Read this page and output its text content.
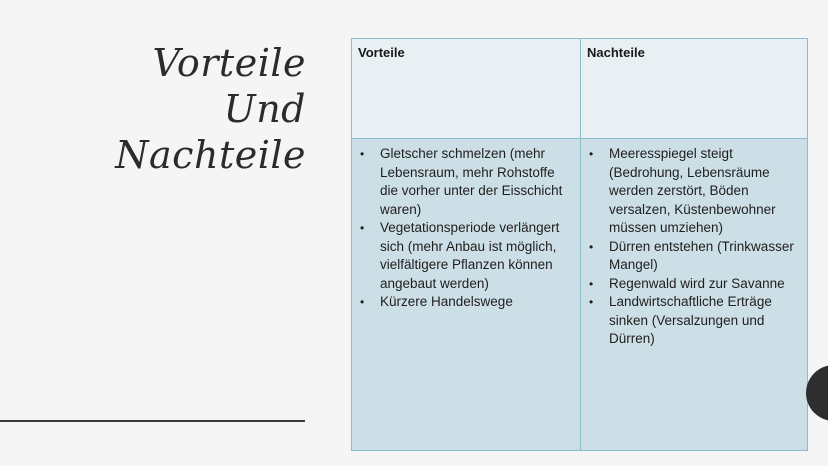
Vorteile
Und
Nachteile
Vorteile	Nachteile
• Gletscher schmelzen (mehr Lebensraum, mehr Rohstoffe die vorher unter der Eisschicht waren)
• Vegetationsperiode verlängert sich (mehr Anbau ist möglich, vielfältigere Pflanzen können angebaut werden)
• Kürzere Handelswege
• Meeresspiegel steigt (Bedrohung, Lebensräume werden zerstört, Böden versalzen, Küstenbewohner müssen umziehen)
• Dürren entstehen (Trinkwasser Mangel)
• Regenwald wird zur Savanne
• Landwirtschaftliche Erträge sinken (Versalzungen und Dürren)
